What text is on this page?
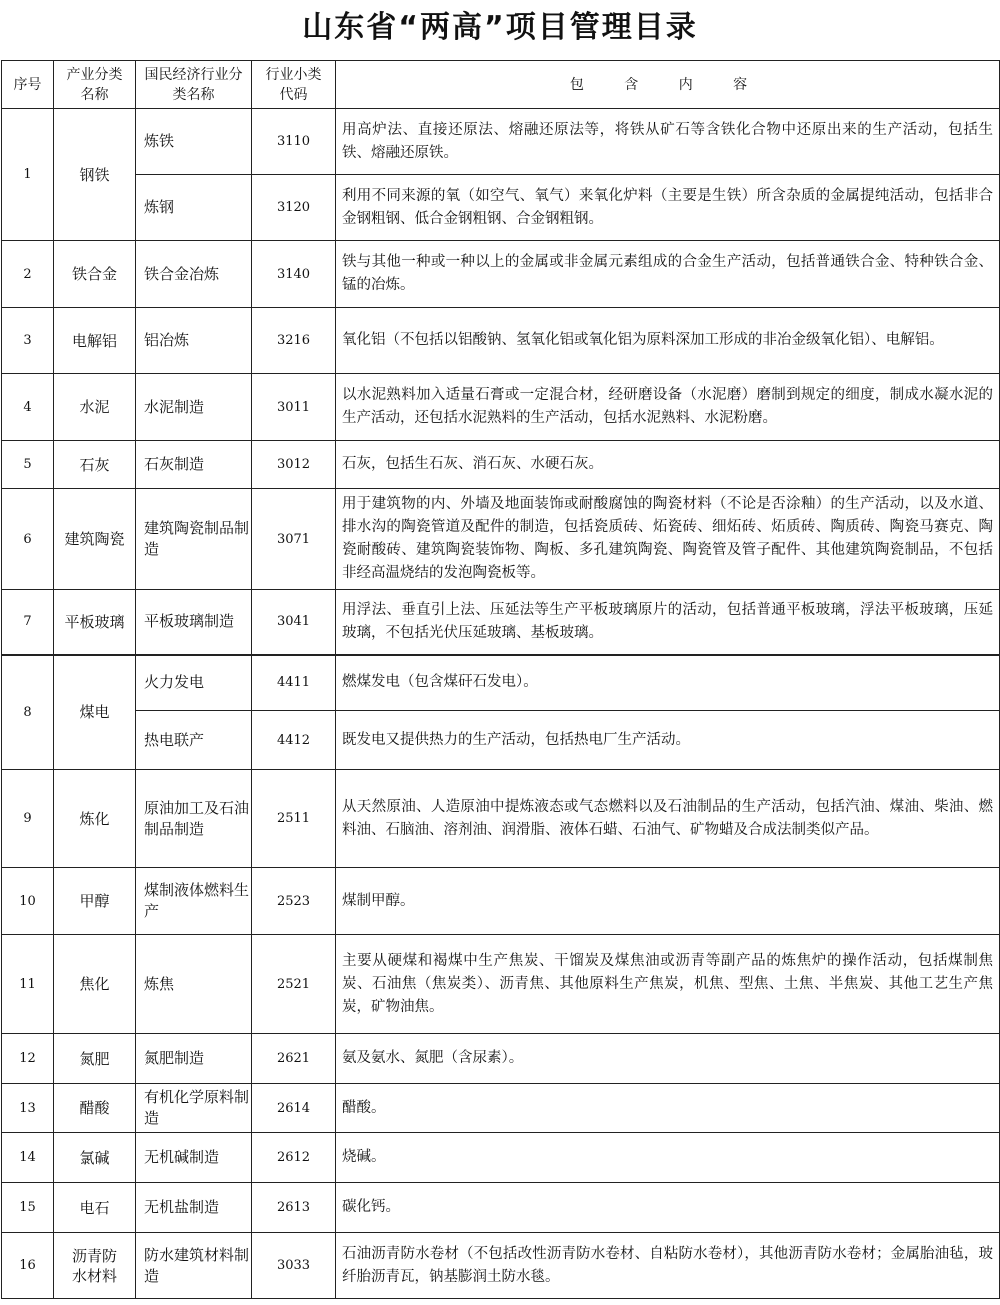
山东省“两高”项目管理目录
序号	产业分类名称	国民经济行业分类名称	行业小类代码	包 含 内 容
1	钢铁	炼铁	3110	用高炉法、直接还原法、熔融还原法等，将铁从矿石等含铁化合物中还原出来的生产活动，包括生铁、熔融还原铁。
		炼钢	3120	利用不同来源的氧（如空气、氧气）来氧化炉料（主要是生铁）所含杂质的金属提纯活动，包括非合金钢粗钢、低合金钢粗钢、合金钢粗钢。
2	铁合金	铁合金冶炼	3140	铁与其他一种或一种以上的金属或非金属元素组成的合金生产活动，包括普通铁合金、特种铁合金、锰的冶炼。
3	电解铝	铝冶炼	3216	氧化铝（不包括以铝酸钠、氢氧化铝或氧化铝为原料深加工形成的非冶金级氧化铝）、电解铝。
4	水泥	水泥制造	3011	以水泥熟料加入适量石膏或一定混合材，经研磨设备（水泥磨）磨制到规定的细度，制成水凝水泥的生产活动，还包括水泥熟料的生产活动，包括水泥熟料、水泥粉磨。
5	石灰	石灰制造	3012	石灰，包括生石灰、消石灰、水硬石灰。
6	建筑陶瓷	建筑陶瓷制品制造	3071	用于建筑物的内、外墙及地面装饰或耐酸腐蚀的陶瓷材料（不论是否涂釉）的生产活动，以及水道、排水沟的陶瓷管道及配件的制造，包括瓷质砖、炻瓷砖、细炻砖、炻质砖、陶质砖、陶瓷马赛克、陶瓷耐酸砖、建筑陶瓷装饰物、陶板、多孔建筑陶瓷、陶瓷管及管子配件、其他建筑陶瓷制品，不包括非经高温烧结的发泡陶瓷板等。
7	平板玻璃	平板玻璃制造	3041	用浮法、垂直引上法、压延法等生产平板玻璃原片的活动，包括普通平板玻璃，浮法平板玻璃，压延玻璃，不包括光伏压延玻璃、基板玻璃。
8	煤电	火力发电	4411	燃煤发电（包含煤矸石发电）。
		热电联产	4412	既发电又提供热力的生产活动，包括热电厂生产活动。
9	炼化	原油加工及石油制品制造	2511	从天然原油、人造原油中提炼液态或气态燃料以及石油制品的生产活动，包括汽油、煤油、柴油、燃料油、石脑油、溶剂油、润滑脂、液体石蜡、石油气、矿物蜡及合成法制类似产品。
10	甲醇	煤制液体燃料生产	2523	煤制甲醇。
11	焦化	炼焦	2521	主要从硬煤和褐煤中生产焦炭、干馏炭及煤焦油或沥青等副产品的炼焦炉的操作活动，包括煤制焦炭、石油焦（焦炭类）、沥青焦、其他原料生产焦炭，机焦、型焦、土焦、半焦炭、其他工艺生产焦炭，矿物油焦。
12	氮肥	氮肥制造	2621	氨及氨水、氮肥（含尿素）。
13	醋酸	有机化学原料制造	2614	醋酸。
14	氯碱	无机碱制造	2612	烧碱。
15	电石	无机盐制造	2613	碳化钙。
16	沥青防水材料	防水建筑材料制造	3033	石油沥青防水卷材（不包括改性沥青防水卷材、自粘防水卷材），其他沥青防水卷材；金属胎油毡，玻纤胎沥青瓦，钠基膨润土防水毯。
